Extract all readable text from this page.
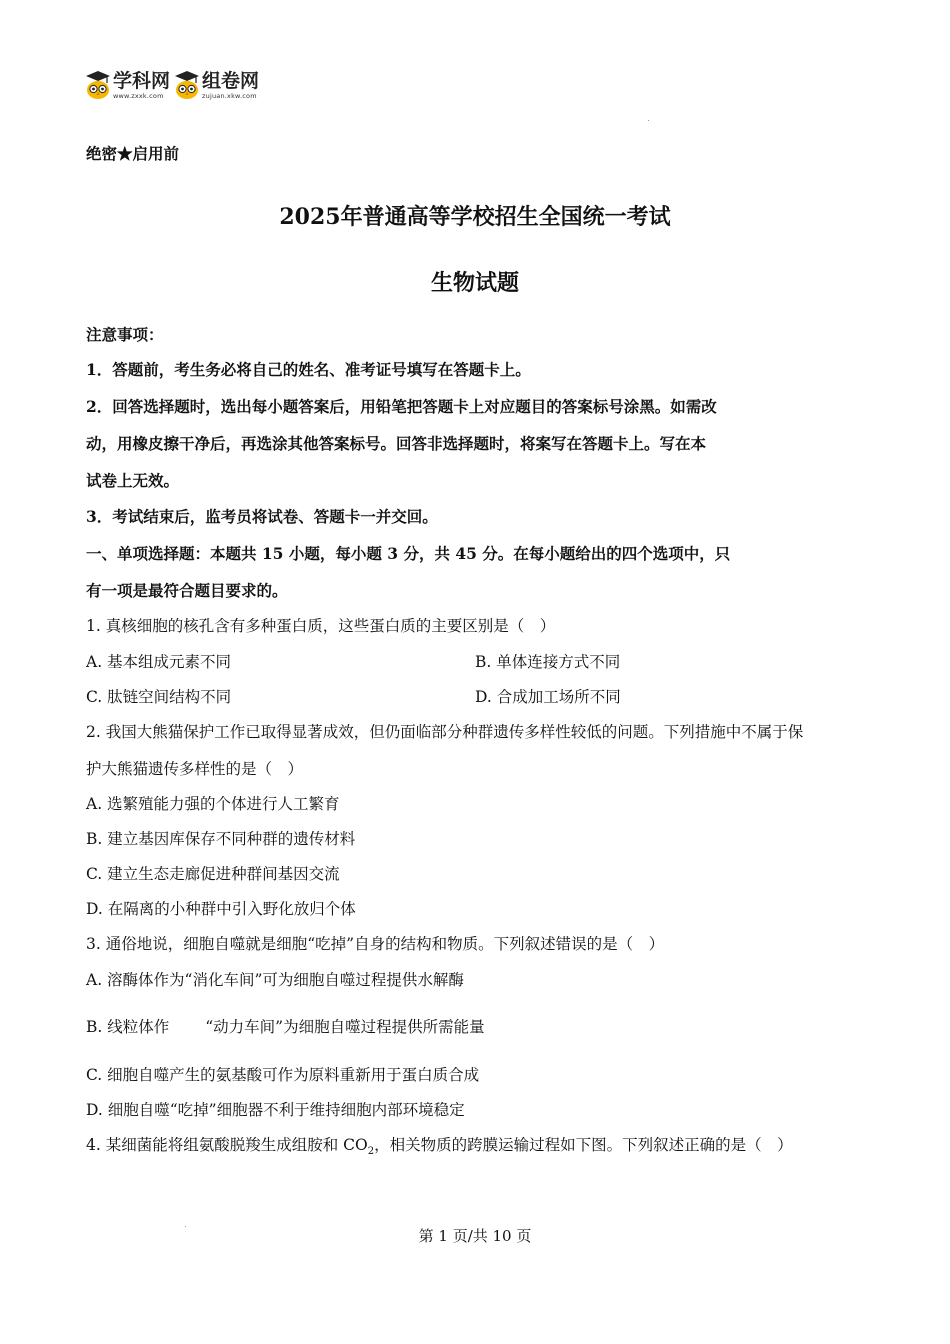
学科网
www.zxxk.com
组卷网
zujuan.xkw.com
绝密★启用前
2025年普通高等学校招生全国统一考试
生物试题
注意事项：
1．答题前，考生务必将自己的姓名、准考证号填写在答题卡上。
2．回答选择题时，选出每小题答案后，用铅笔把答题卡上对应题目的答案标号涂黑。如需改
动，用橡皮擦干净后，再选涂其他答案标号。回答非选择题时，将案写在答题卡上。写在本
试卷上无效。
3．考试结束后，监考员将试卷、答题卡一并交回。
一、单项选择题：本题共 15 小题，每小题 3 分，共 45 分。在每小题给出的四个选项中，只
有一项是最符合题目要求的。
1. 真核细胞的核孔含有多种蛋白质，这些蛋白质的主要区别是（　）
A. 基本组成元素不同	B. 单体连接方式不同
C. 肽链空间结构不同	D. 合成加工场所不同
2. 我国大熊猫保护工作已取得显著成效，但仍面临部分种群遗传多样性较低的问题。下列措施中不属于保
护大熊猫遗传多样性的是（　）
A. 选繁殖能力强的个体进行人工繁育
B. 建立基因库保存不同种群的遗传材料
C. 建立生态走廊促进种群间基因交流
D. 在隔离的小种群中引入野化放归个体
3. 通俗地说，细胞自噬就是细胞“吃掉”自身的结构和物质。下列叙述错误的是（　）
A. 溶酶体作为“消化车间”可为细胞自噬过程提供水解酶
B. 线粒体作 “动力车间”为细胞自噬过程提供所需能量
C. 细胞自噬产生的氨基酸可作为原料重新用于蛋白质合成
D. 细胞自噬“吃掉”细胞器不利于维持细胞内部环境稳定
4. 某细菌能将组氨酸脱羧生成组胺和 $CO_2$，相关物质的跨膜运输过程如下图。下列叙述正确的是（　）
第 1 页/共 10 页
